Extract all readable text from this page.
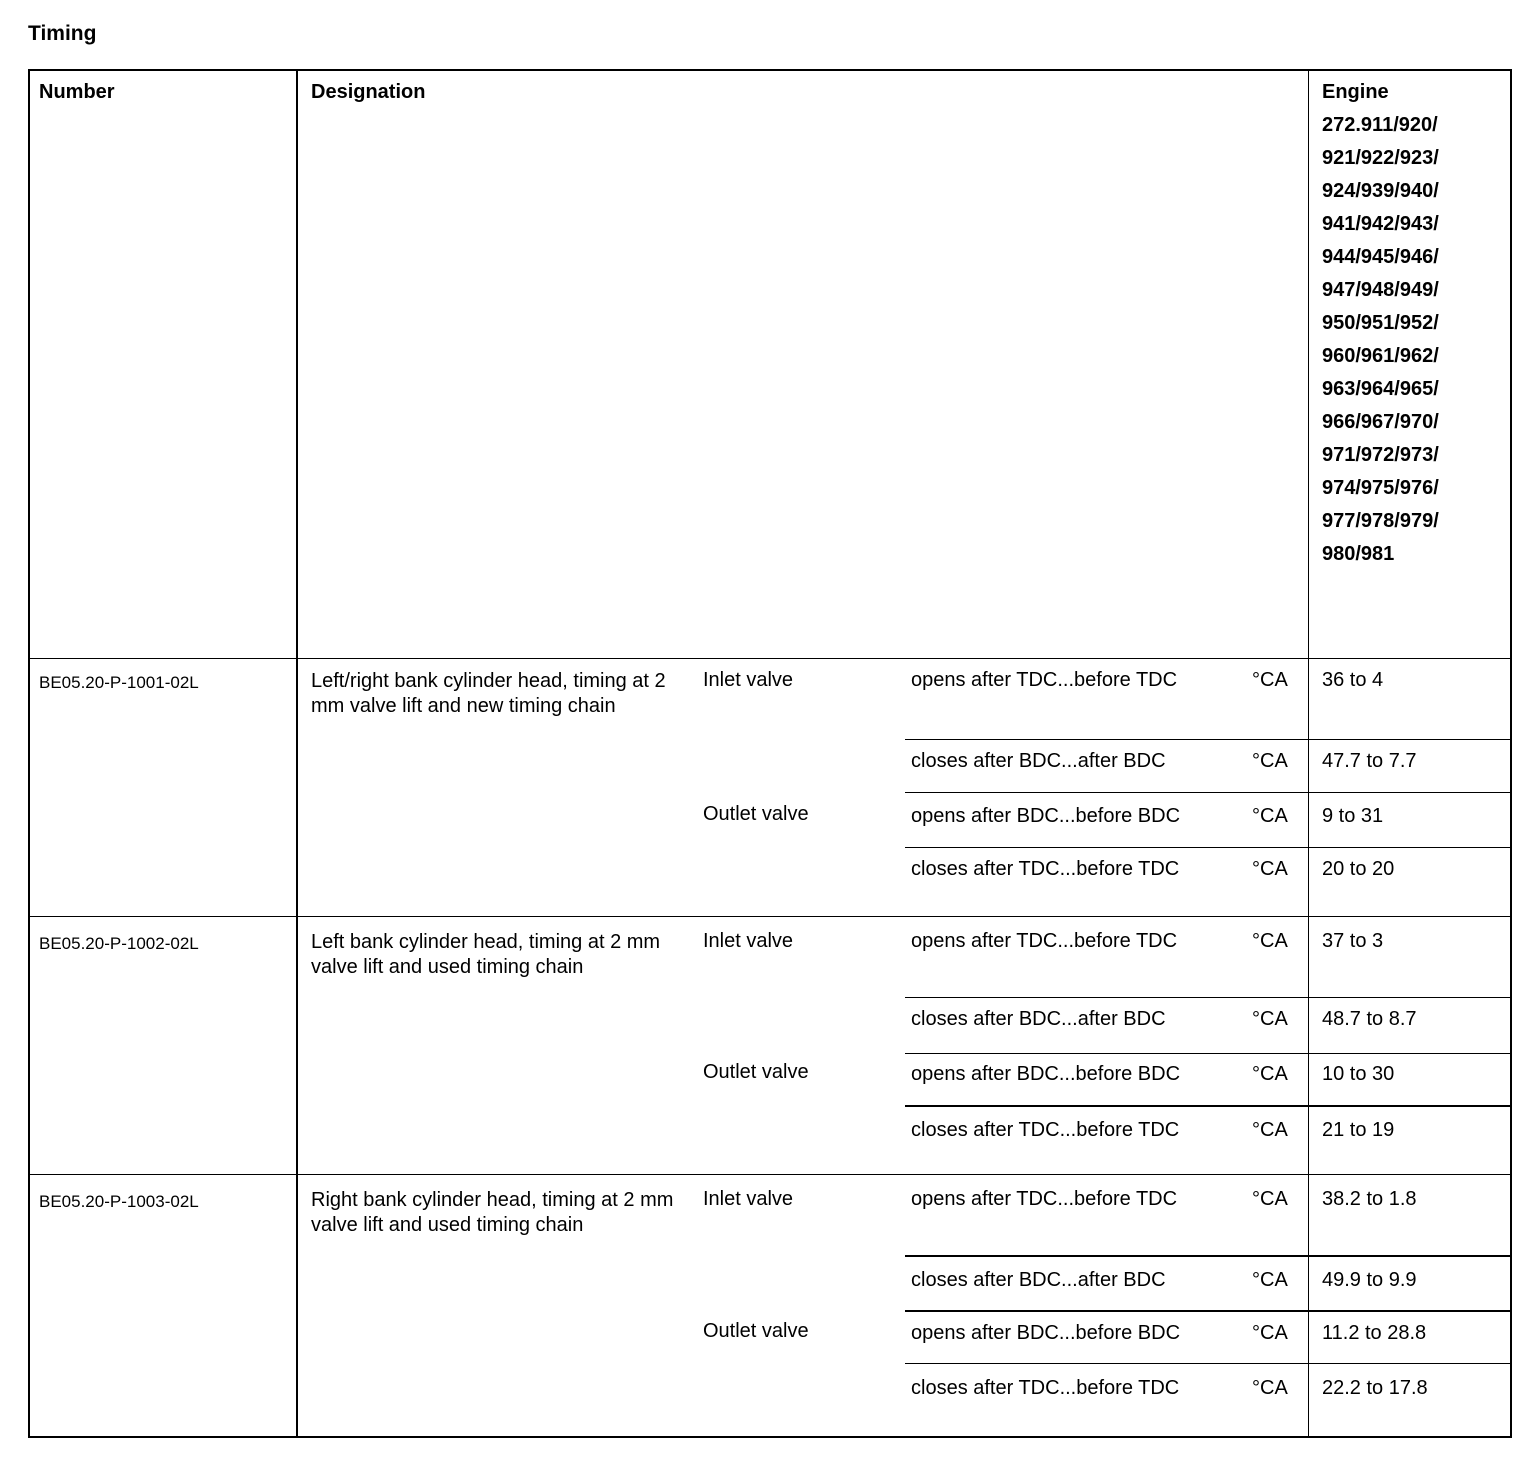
Timing
Number	Designation	Engine
272.911/920/
921/922/923/
924/939/940/
941/942/943/
944/945/946/
947/948/949/
950/951/952/
960/961/962/
963/964/965/
966/967/970/
971/972/973/
974/975/976/
977/978/979/
980/981
BE05.20-P-1001-02L	Left/right bank cylinder head, timing at 2 mm valve lift and new timing chain
Inlet valve	opens after TDC...before TDC	°CA 36 to 4
closes after BDC...after BDC	°CA 47.7 to 7.7
Outlet valve	opens after BDC...before BDC	°CA 9 to 31
closes after TDC...before TDC	°CA 20 to 20
BE05.20-P-1002-02L	Left bank cylinder head, timing at 2 mm valve lift and used timing chain
Inlet valve	opens after TDC...before TDC	°CA 37 to 3
closes after BDC...after BDC	°CA 48.7 to 8.7
Outlet valve	opens after BDC...before BDC	°CA 10 to 30
closes after TDC...before TDC	°CA 21 to 19
BE05.20-P-1003-02L	Right bank cylinder head, timing at 2 mm valve lift and used timing chain
Inlet valve	opens after TDC...before TDC	°CA 38.2 to 1.8
closes after BDC...after BDC	°CA 49.9 to 9.9
Outlet valve	opens after BDC...before BDC	°CA 11.2 to 28.8
closes after TDC...before TDC	°CA 22.2 to 17.8
